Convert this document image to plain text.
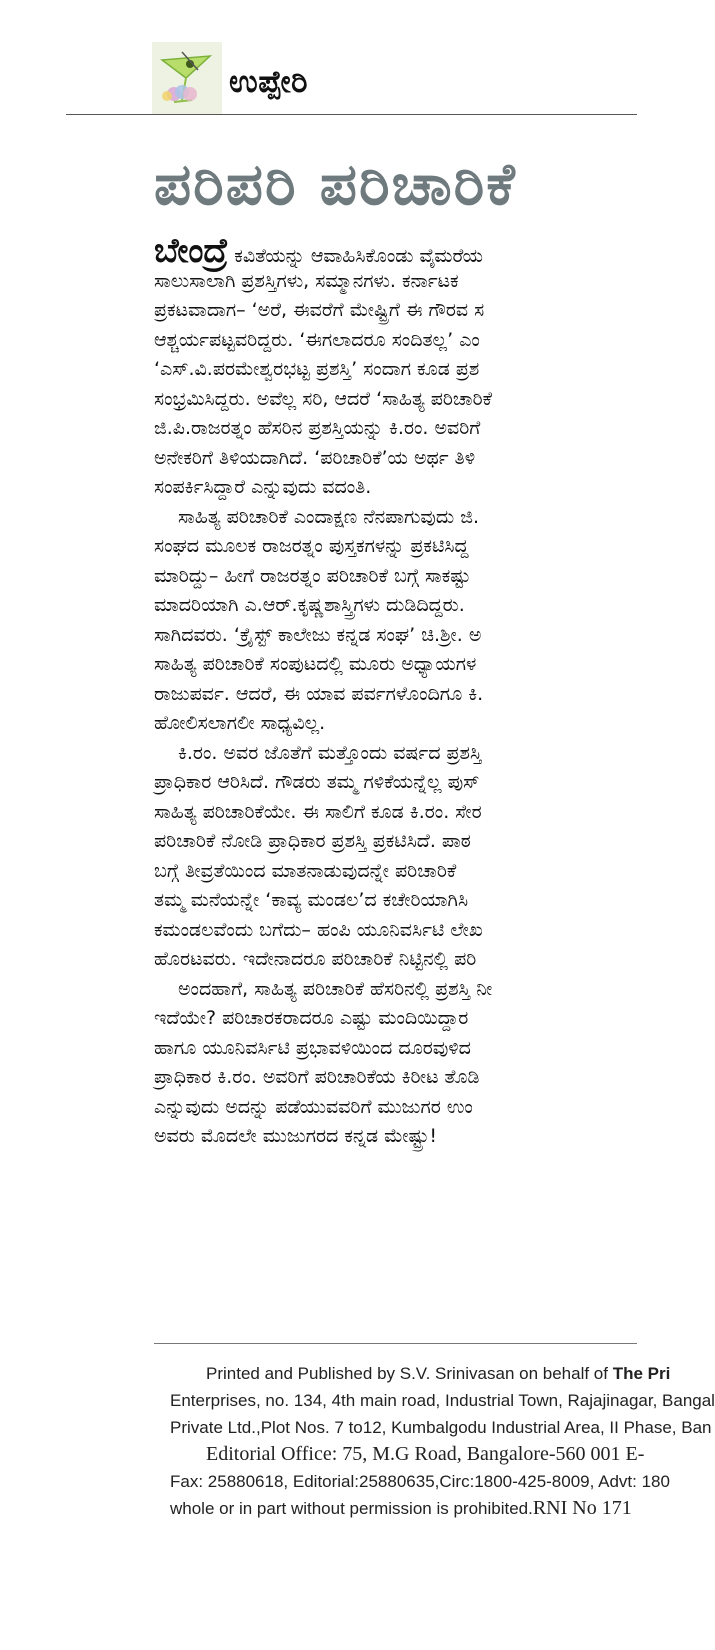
ಉಪ್ಪೇರಿ
ಪರಿಪರಿ ಪರಿಚಾರಿಕೆ
ಬೇಂದ್ರೆ ಕವಿತೆಯನ್ನು ಆವಾಹಿಸಿಕೊಂಡು ವೈಮರೆಯ
ಸಾಲುಸಾಲಾಗಿ ಪ್ರಶಸ್ತಿಗಳು, ಸಮ್ಮಾನಗಳು. ಕರ್ನಾಟಕ
ಪ್ರಕಟವಾದಾಗ– ‘ಅರೆ, ಈವರೆಗೆ ಮೇಷ್ಟ್ರಿಗೆ ಈ ಗೌರವ ಸ
ಆಶ್ಚರ್ಯಪಟ್ಟವರಿದ್ದರು. ‘ಈಗಲಾದರೂ ಸಂದಿತಲ್ಲ’ ಎಂ
‘ಎಸ್‌.ವಿ.ಪರಮೇಶ್ವರಭಟ್ಟ ಪ್ರಶಸ್ತಿ’ ಸಂದಾಗ ಕೂಡ ಪ್ರಶ
ಸಂಭ್ರಮಿಸಿದ್ದರು. ಅವೆಲ್ಲ ಸರಿ, ಆದರೆ ‘ಸಾಹಿತ್ಯ ಪರಿಚಾರಿಕೆ
ಜಿ.ಪಿ.ರಾಜರತ್ನಂ ಹೆಸರಿನ ಪ್ರಶಸ್ತಿಯನ್ನು ಕಿ.ರಂ. ಅವರಿಗೆ
ಅನೇಕರಿಗೆ ತಿಳಿಯದಾಗಿದೆ. ‘ಪರಿಚಾರಿಕೆ’ಯ ಅರ್ಥ ತಿಳಿ
ಸಂಪರ್ಕಿಸಿದ್ದಾರೆ ಎನ್ನುವುದು ವದಂತಿ.
ಸಾಹಿತ್ಯ ಪರಿಚಾರಿಕೆ ಎಂದಾಕ್ಷಣ ನೆನಪಾಗುವುದು ಜಿ.
ಸಂಘದ ಮೂಲಕ ರಾಜರತ್ನಂ ಪುಸ್ತಕಗಳನ್ನು ಪ್ರಕಟಿಸಿದ್ದ
ಮಾರಿದ್ದು– ಹೀಗೆ ರಾಜರತ್ನಂ ಪರಿಚಾರಿಕೆ ಬಗ್ಗೆ ಸಾಕಷ್ಟು
ಮಾದರಿಯಾಗಿ ಎ.ಆರ್‌.ಕೃಷ್ಣಶಾಸ್ತ್ರಿಗಳು ದುಡಿದಿದ್ದರು.
ಸಾಗಿದವರು. ‘ಕ್ರೈಸ್ಟ್‌ ಕಾಲೇಜು ಕನ್ನಡ ಸಂಘ’ ಚಿ.ಶ್ರೀ. ಅ
ಸಾಹಿತ್ಯ ಪರಿಚಾರಿಕೆ ಸಂಪುಟದಲ್ಲಿ ಮೂರು ಅಧ್ಯಾಯಗಳ
ರಾಜುಪರ್ವ. ಆದರೆ, ಈ ಯಾವ ಪರ್ವಗಳೊಂದಿಗೂ ಕಿ.
ಹೋಲಿಸಲಾಗಲೀ ಸಾಧ್ಯವಿಲ್ಲ.
ಕಿ.ರಂ. ಅವರ ಜೊತೆಗೆ ಮತ್ತೊಂದು ವರ್ಷದ ಪ್ರಶಸ್ತಿ
ಪ್ರಾಧಿಕಾರ ಆರಿಸಿದೆ. ಗೌಡರು ತಮ್ಮ ಗಳಿಕೆಯನ್ನೆಲ್ಲ ಪುಸ್
ಸಾಹಿತ್ಯ ಪರಿಚಾರಿಕೆಯೇ. ಈ ಸಾಲಿಗೆ ಕೂಡ ಕಿ.ರಂ. ಸೇರ
ಪರಿಚಾರಿಕೆ ನೋಡಿ ಪ್ರಾಧಿಕಾರ ಪ್ರಶಸ್ತಿ ಪ್ರಕಟಿಸಿದೆ. ಪಾಠ
ಬಗ್ಗೆ ತೀವ್ರತೆಯಿಂದ ಮಾತನಾಡುವುದನ್ನೇ ಪರಿಚಾರಿಕೆ
ತಮ್ಮ ಮನೆಯನ್ನೇ ‘ಕಾವ್ಯ ಮಂಡಲ’ದ ಕಚೇರಿಯಾಗಿಸಿ
ಕಮಂಡಲವೆಂದು ಬಗೆದು– ಹಂಪಿ ಯೂನಿವರ್ಸಿಟಿ ಲೇಖ
ಹೊರಟವರು. ಇದೇನಾದರೂ ಪರಿಚಾರಿಕೆ ನಿಟ್ಟಿನಲ್ಲಿ ಪರಿ
ಅಂದಹಾಗೆ, ಸಾಹಿತ್ಯ ಪರಿಚಾರಿಕೆ ಹೆಸರಿನಲ್ಲಿ ಪ್ರಶಸ್ತಿ ನೀ
ಇದೆಯೇ? ಪರಿಚಾರಕರಾದರೂ ಎಷ್ಟು ಮಂದಿಯಿದ್ದಾರ
ಹಾಗೂ ಯೂನಿವರ್ಸಿಟಿ ಪ್ರಭಾವಳಿಯಿಂದ ದೂರವುಳಿದ
ಪ್ರಾಧಿಕಾರ ಕಿ.ರಂ. ಅವರಿಗೆ ಪರಿಚಾರಿಕೆಯ ಕಿರೀಟ ತೊಡಿ
ಎನ್ನುವುದು ಅದನ್ನು ಪಡೆಯುವವರಿಗೆ ಮುಜುಗರ ಉಂ
ಅವರು ಮೊದಲೇ ಮುಜುಗರದ ಕನ್ನಡ ಮೇಷ್ಟ್ರು!
Printed and Published by S.V. Srinivasan on behalf of The Pri
Enterprises, no. 134, 4th main road, Industrial Town, Rajajinagar, Bangal
Private Ltd.,Plot Nos. 7 to12, Kumbalgodu Industrial Area, II Phase, Ban
Editorial Office: 75, M.G Road, Bangalore-560 001 E-
Fax: 25880618, Editorial:25880635,Circ:1800-425-8009, Advt: 180
whole or in part without permission is prohibited.RNI No 171
